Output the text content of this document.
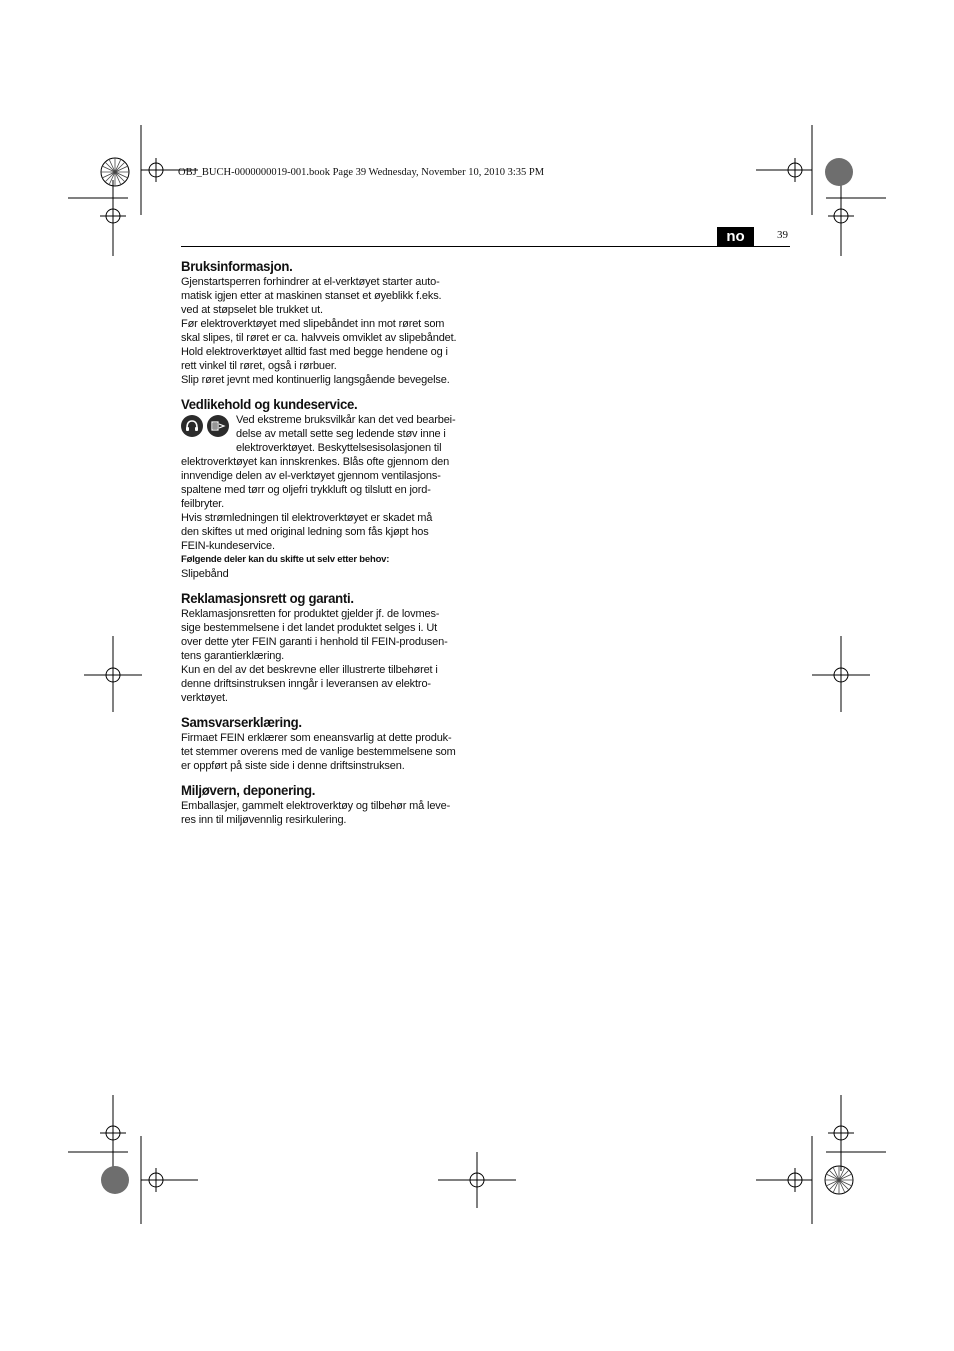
OBJ_BUCH-0000000019-001.book Page 39 Wednesday, November 10, 2010 3:35 PM
no	39
Bruksinformasjon.

Gjenstartsperren forhindrer at el-verktøyet starter auto-
matisk igjen etter at maskinen stanset et øyeblikk f.eks.
ved at støpselet ble trukket ut.

Før elektroverktøyet med slipebåndet inn mot røret som
skal slipes, til røret er ca. halvveis omviklet av slipebåndet.

Hold elektroverktøyet alltid fast med begge hendene og i
rett vinkel til røret, også i rørbuer.

Slip røret jevnt med kontinuerlig langsgående bevegelse.

Vedlikehold og kundeservice.

Ved ekstreme bruksvilkår kan det ved bearbei-
delse av metall sette seg ledende støv inne i
elektroverktøyet. Beskyttelsesisolasjonen til

elektroverktøyet kan innskrenkes. Blås ofte gjennom den
innvendige delen av el-verktøyet gjennom ventilasjons-
spaltene med tørr og oljefri trykkluft og tilslutt en jord-
feilbryter.

Hvis strømledningen til elektroverktøyet er skadet må
den skiftes ut med original ledning som fås kjøpt hos
FEIN-kundeservice.

Følgende deler kan du skifte ut selv etter behov:

Slipebånd

Reklamasjonsrett og garanti.

Reklamasjonsretten for produktet gjelder jf. de lovmes-
sige bestemmelsene i det landet produktet selges i. Ut
over dette yter FEIN garanti i henhold til FEIN-produsen-
tens garantierklæring.

Kun en del av det beskrevne eller illustrerte tilbehøret i
denne driftsinstruksen inngår i leveransen av elektro-
verktøyet.

Samsvarserklæring.

Firmaet FEIN erklærer som eneansvarlig at dette produk-
tet stemmer overens med de vanlige bestemmelsene som
er oppført på siste side i denne driftsinstruksen.

Miljøvern, deponering.

Emballasjer, gammelt elektroverktøy og tilbehør må leve-
res inn til miljøvennlig resirkulering.
